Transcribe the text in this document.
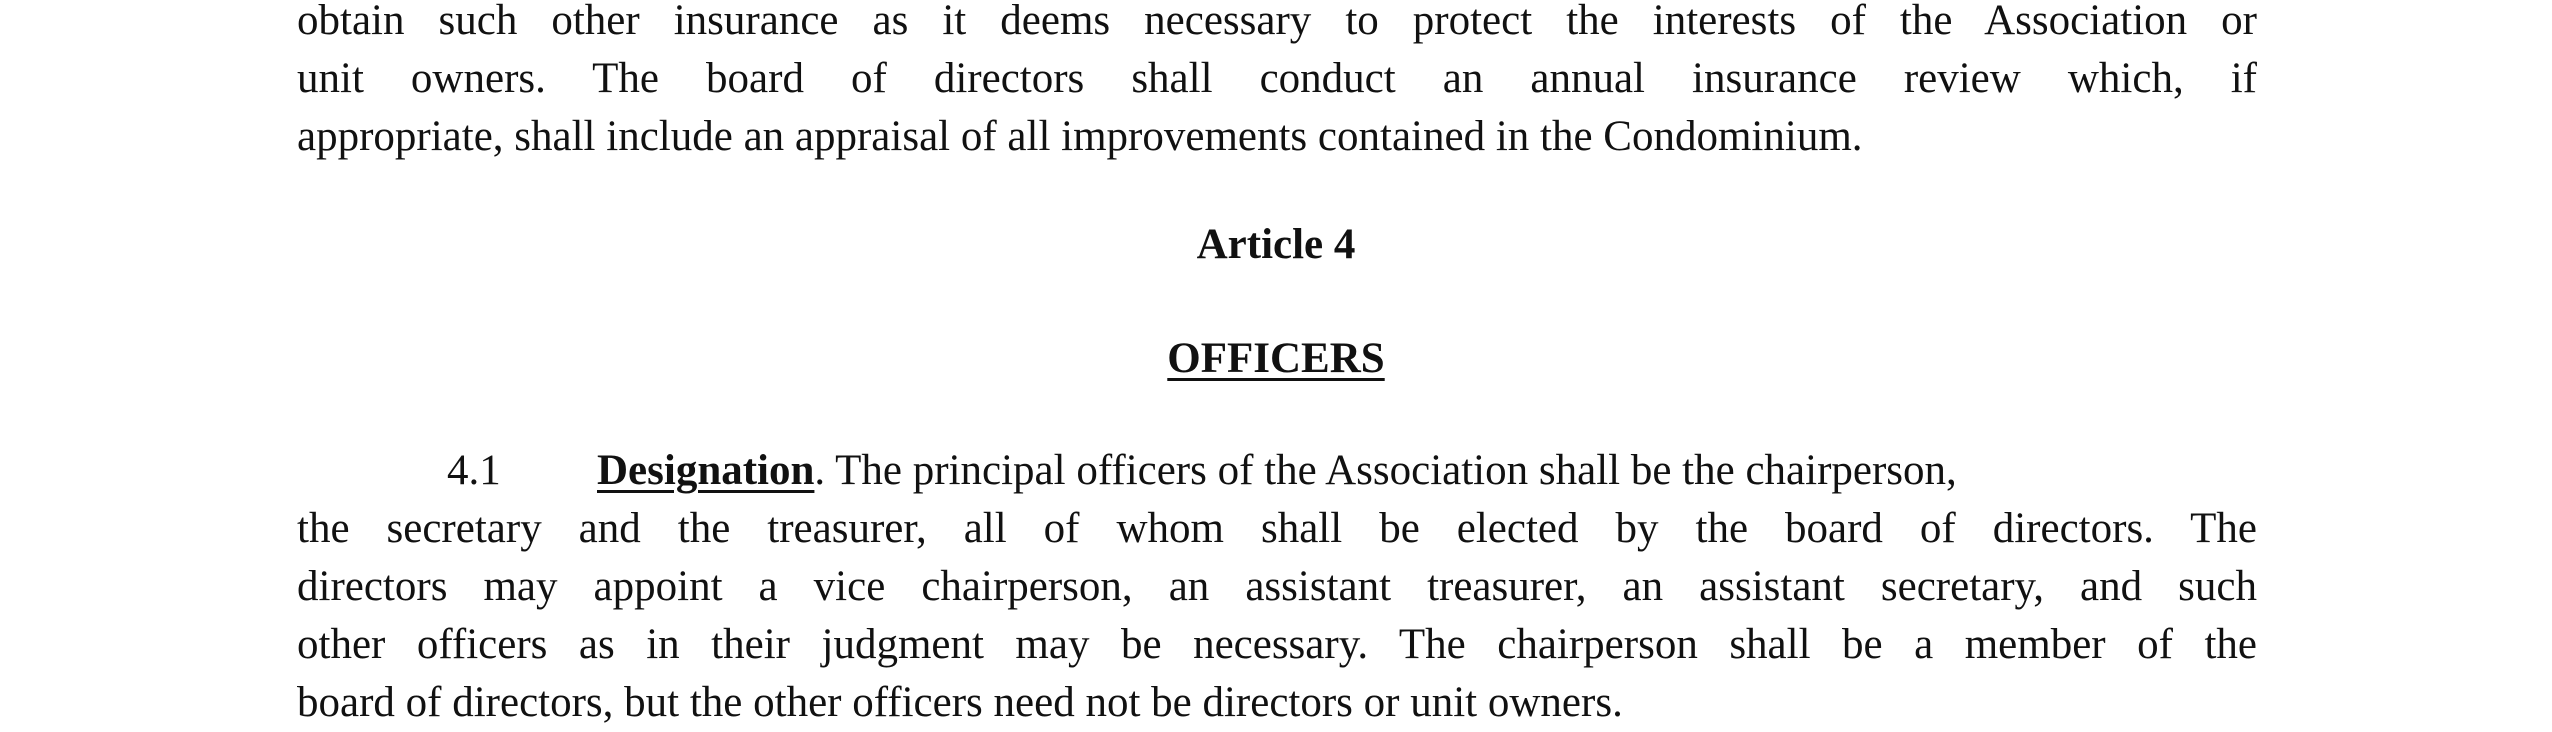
obtain such other insurance as it deems necessary to protect the interests of the Association or
unit owners. The board of directors shall conduct an annual insurance review which, if
appropriate, shall include an appraisal of all improvements contained in the Condominium.
Article 4
OFFICERS
4.1 Designation. The principal officers of the Association shall be the chairperson,
the secretary and the treasurer, all of whom shall be elected by the board of directors. The
directors may appoint a vice chairperson, an assistant treasurer, an assistant secretary, and such
other officers as in their judgment may be necessary. The chairperson shall be a member of the
board of directors, but the other officers need not be directors or unit owners.
